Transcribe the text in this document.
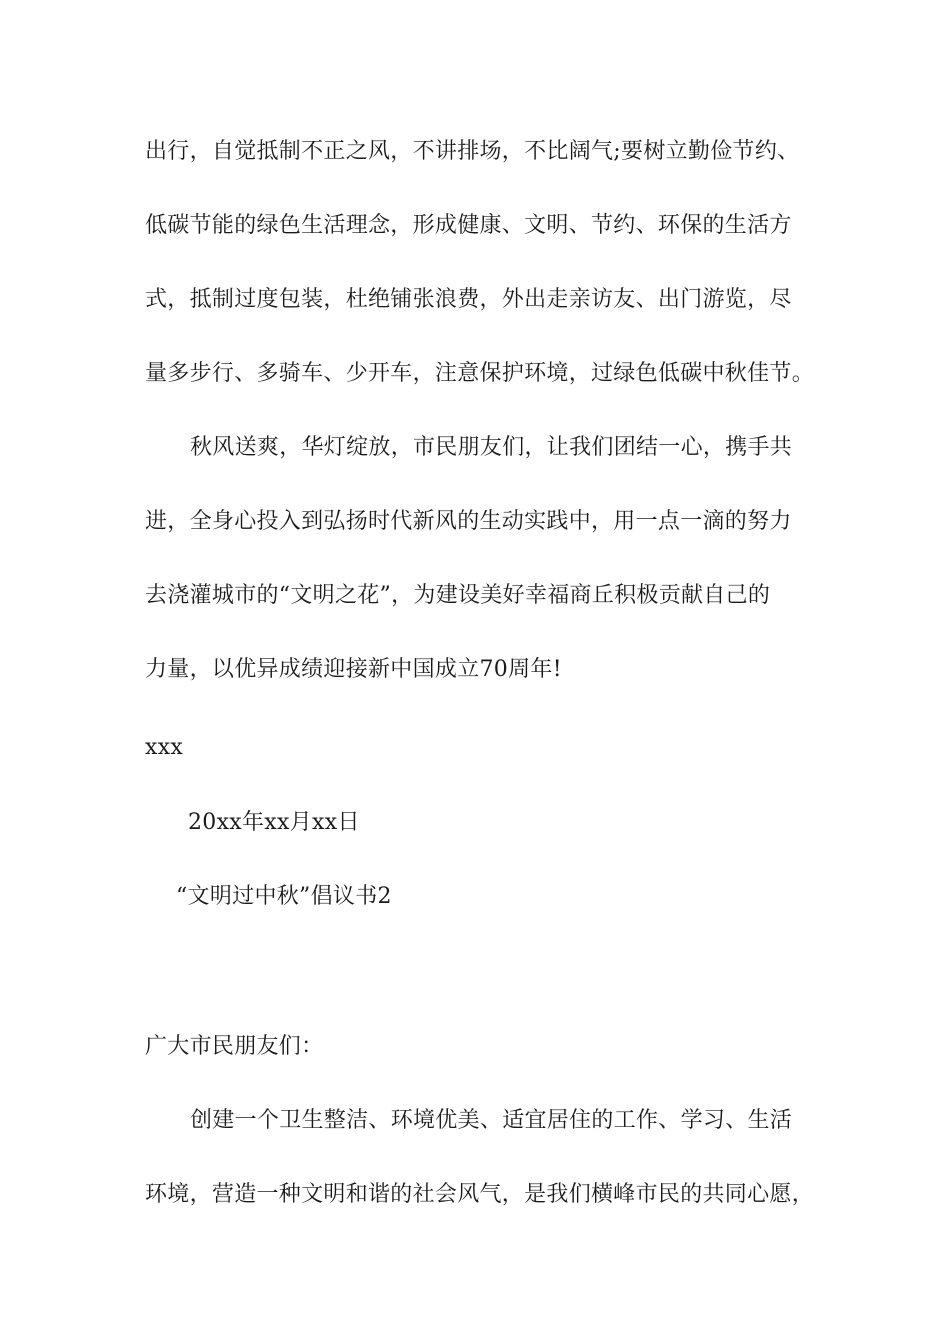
出行，自觉抵制不正之风，不讲排场，不比阔气;要树立勤俭节约、
低碳节能的绿色生活理念，形成健康、文明、节约、环保的生活方
式，抵制过度包装，杜绝铺张浪费，外出走亲访友、出门游览，尽
量多步行、多骑车、少开车，注意保护环境，过绿色低碳中秋佳节。
秋风送爽，华灯绽放，市民朋友们，让我们团结一心，携手共
进，全身心投入到弘扬时代新风的生动实践中，用一点一滴的努力
去浇灌城市的“文明之花”，为建设美好幸福商丘积极贡献自己的
力量，以优异成绩迎接新中国成立70周年!
xxx
20xx年xx月xx日
“文明过中秋”倡议书2
广大市民朋友们：
创建一个卫生整洁、环境优美、适宜居住的工作、学习、生活
环境，营造一种文明和谐的社会风气，是我们横峰市民的共同心愿，
